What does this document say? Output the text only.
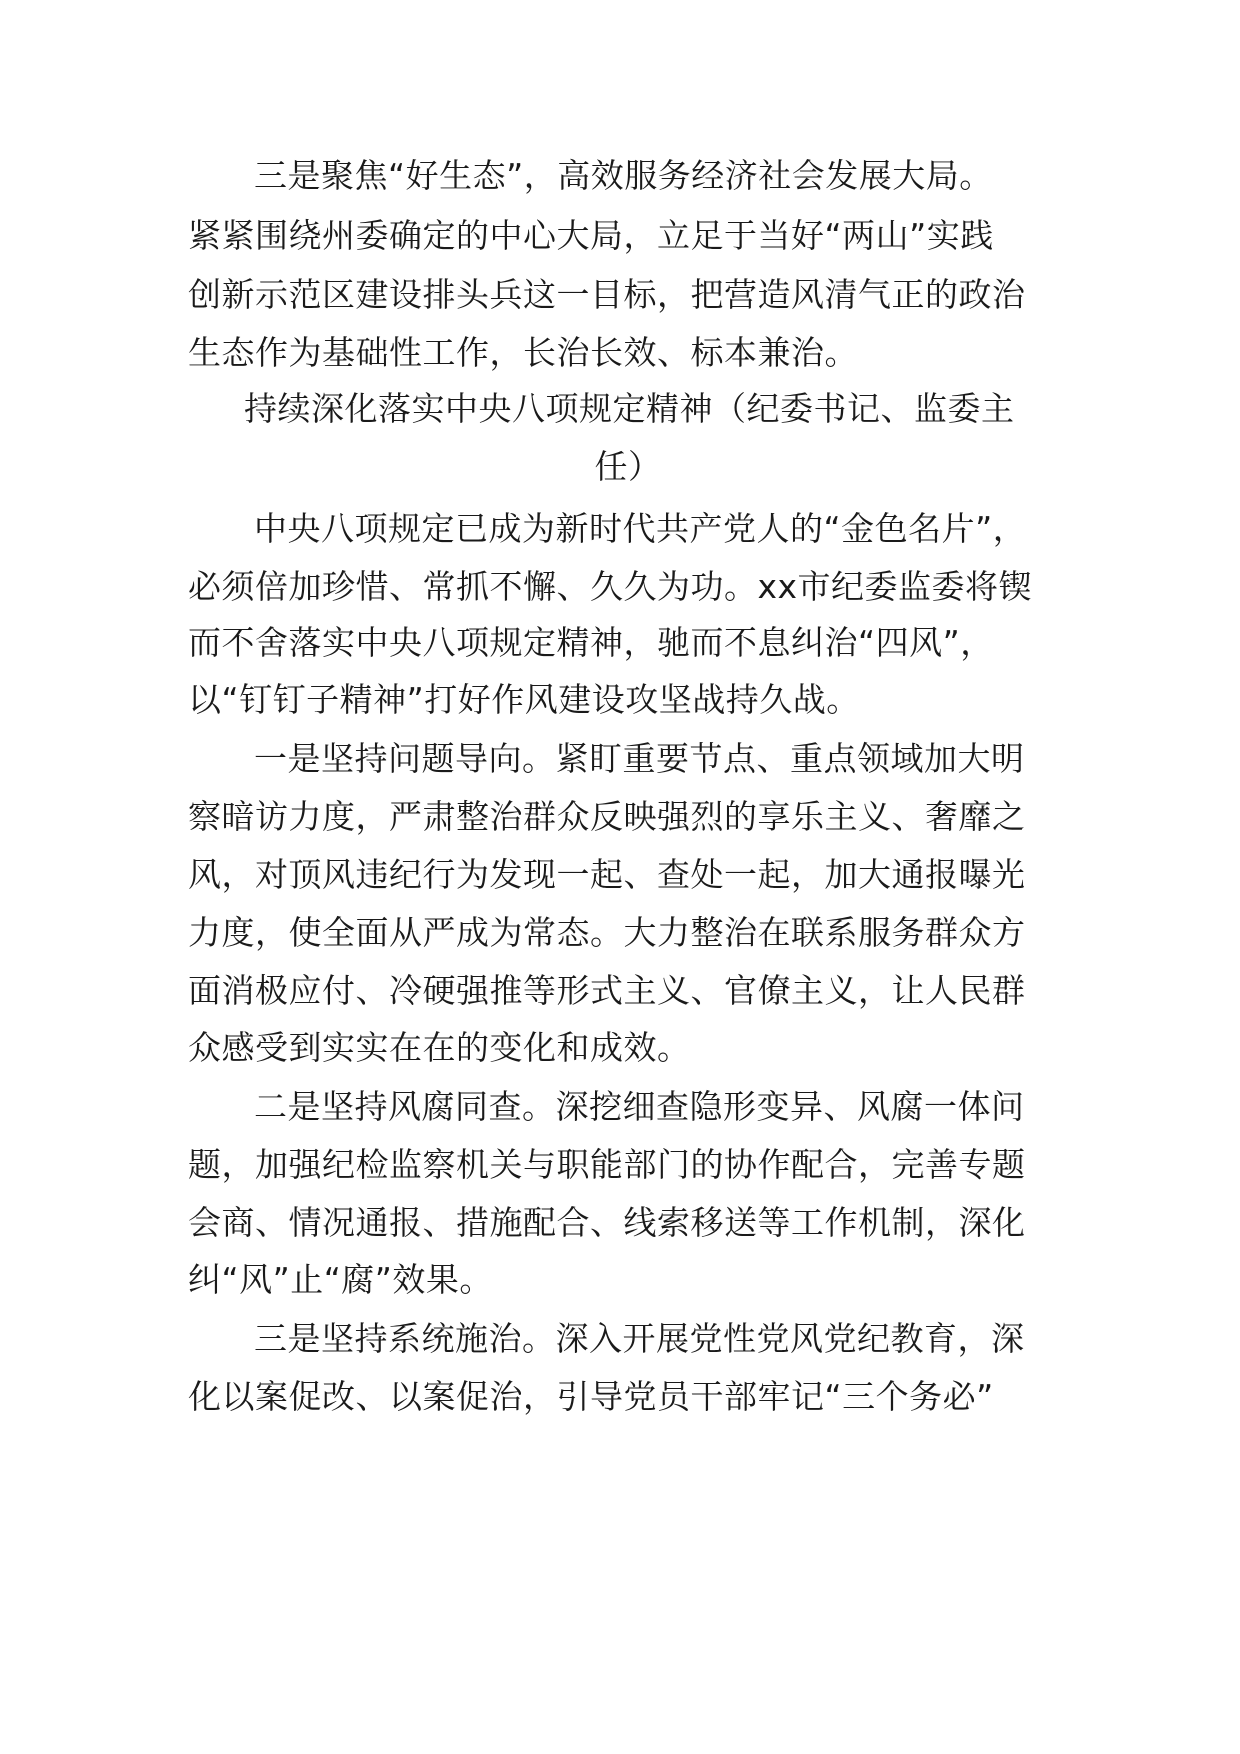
三是聚焦“好生态”，高效服务经济社会发展大局。
紧紧围绕州委确定的中心大局，立足于当好“两山”实践
创新示范区建设排头兵这一目标，把营造风清气正的政治
生态作为基础性工作，长治长效、标本兼治。
持续深化落实中央八项规定精神（纪委书记、监委主
任）
中央八项规定已成为新时代共产党人的“金色名片”，
必须倍加珍惜、常抓不懈、久久为功。xx市纪委监委将锲
而不舍落实中央八项规定精神，驰而不息纠治“四风”，
以“钉钉子精神”打好作风建设攻坚战持久战。
一是坚持问题导向。紧盯重要节点、重点领域加大明
察暗访力度，严肃整治群众反映强烈的享乐主义、奢靡之
风，对顶风违纪行为发现一起、查处一起，加大通报曝光
力度，使全面从严成为常态。大力整治在联系服务群众方
面消极应付、冷硬强推等形式主义、官僚主义，让人民群
众感受到实实在在的变化和成效。
二是坚持风腐同查。深挖细查隐形变异、风腐一体问
题，加强纪检监察机关与职能部门的协作配合，完善专题
会商、情况通报、措施配合、线索移送等工作机制，深化
纠“风”止“腐”效果。
三是坚持系统施治。深入开展党性党风党纪教育，深
化以案促改、以案促治，引导党员干部牢记“三个务必”
